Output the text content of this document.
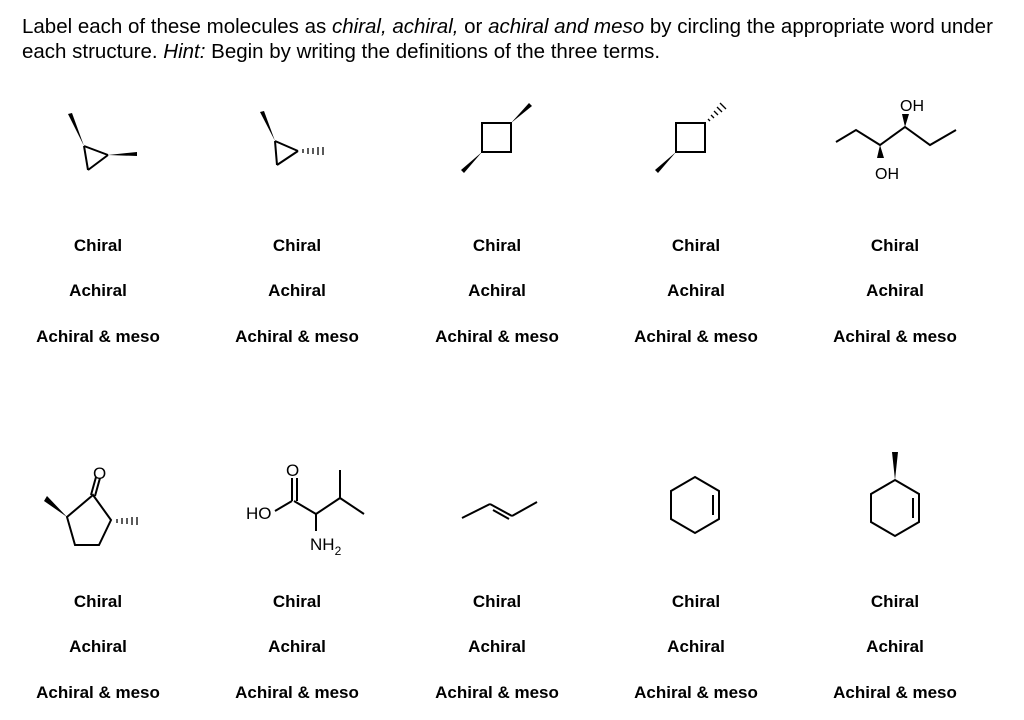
Label each of these molecules as chiral, achiral, or achiral and meso by circling the appropriate word under each structure. Hint: Begin by writing the definitions of the three terms.

OH
OH
Chiral
Achiral
Achiral & meso
Chiral
Achiral
Achiral & meso
Chiral
Achiral
Achiral & meso
Chiral
Achiral
Achiral & meso
Chiral
Achiral
Achiral & meso
O	O
HO
$NH_2$
Chiral
Achiral
Achiral & meso
Chiral
Achiral
Achiral & meso
Chiral
Achiral
Achiral & meso
Chiral
Achiral
Achiral & meso
Chiral
Achiral
Achiral & meso
